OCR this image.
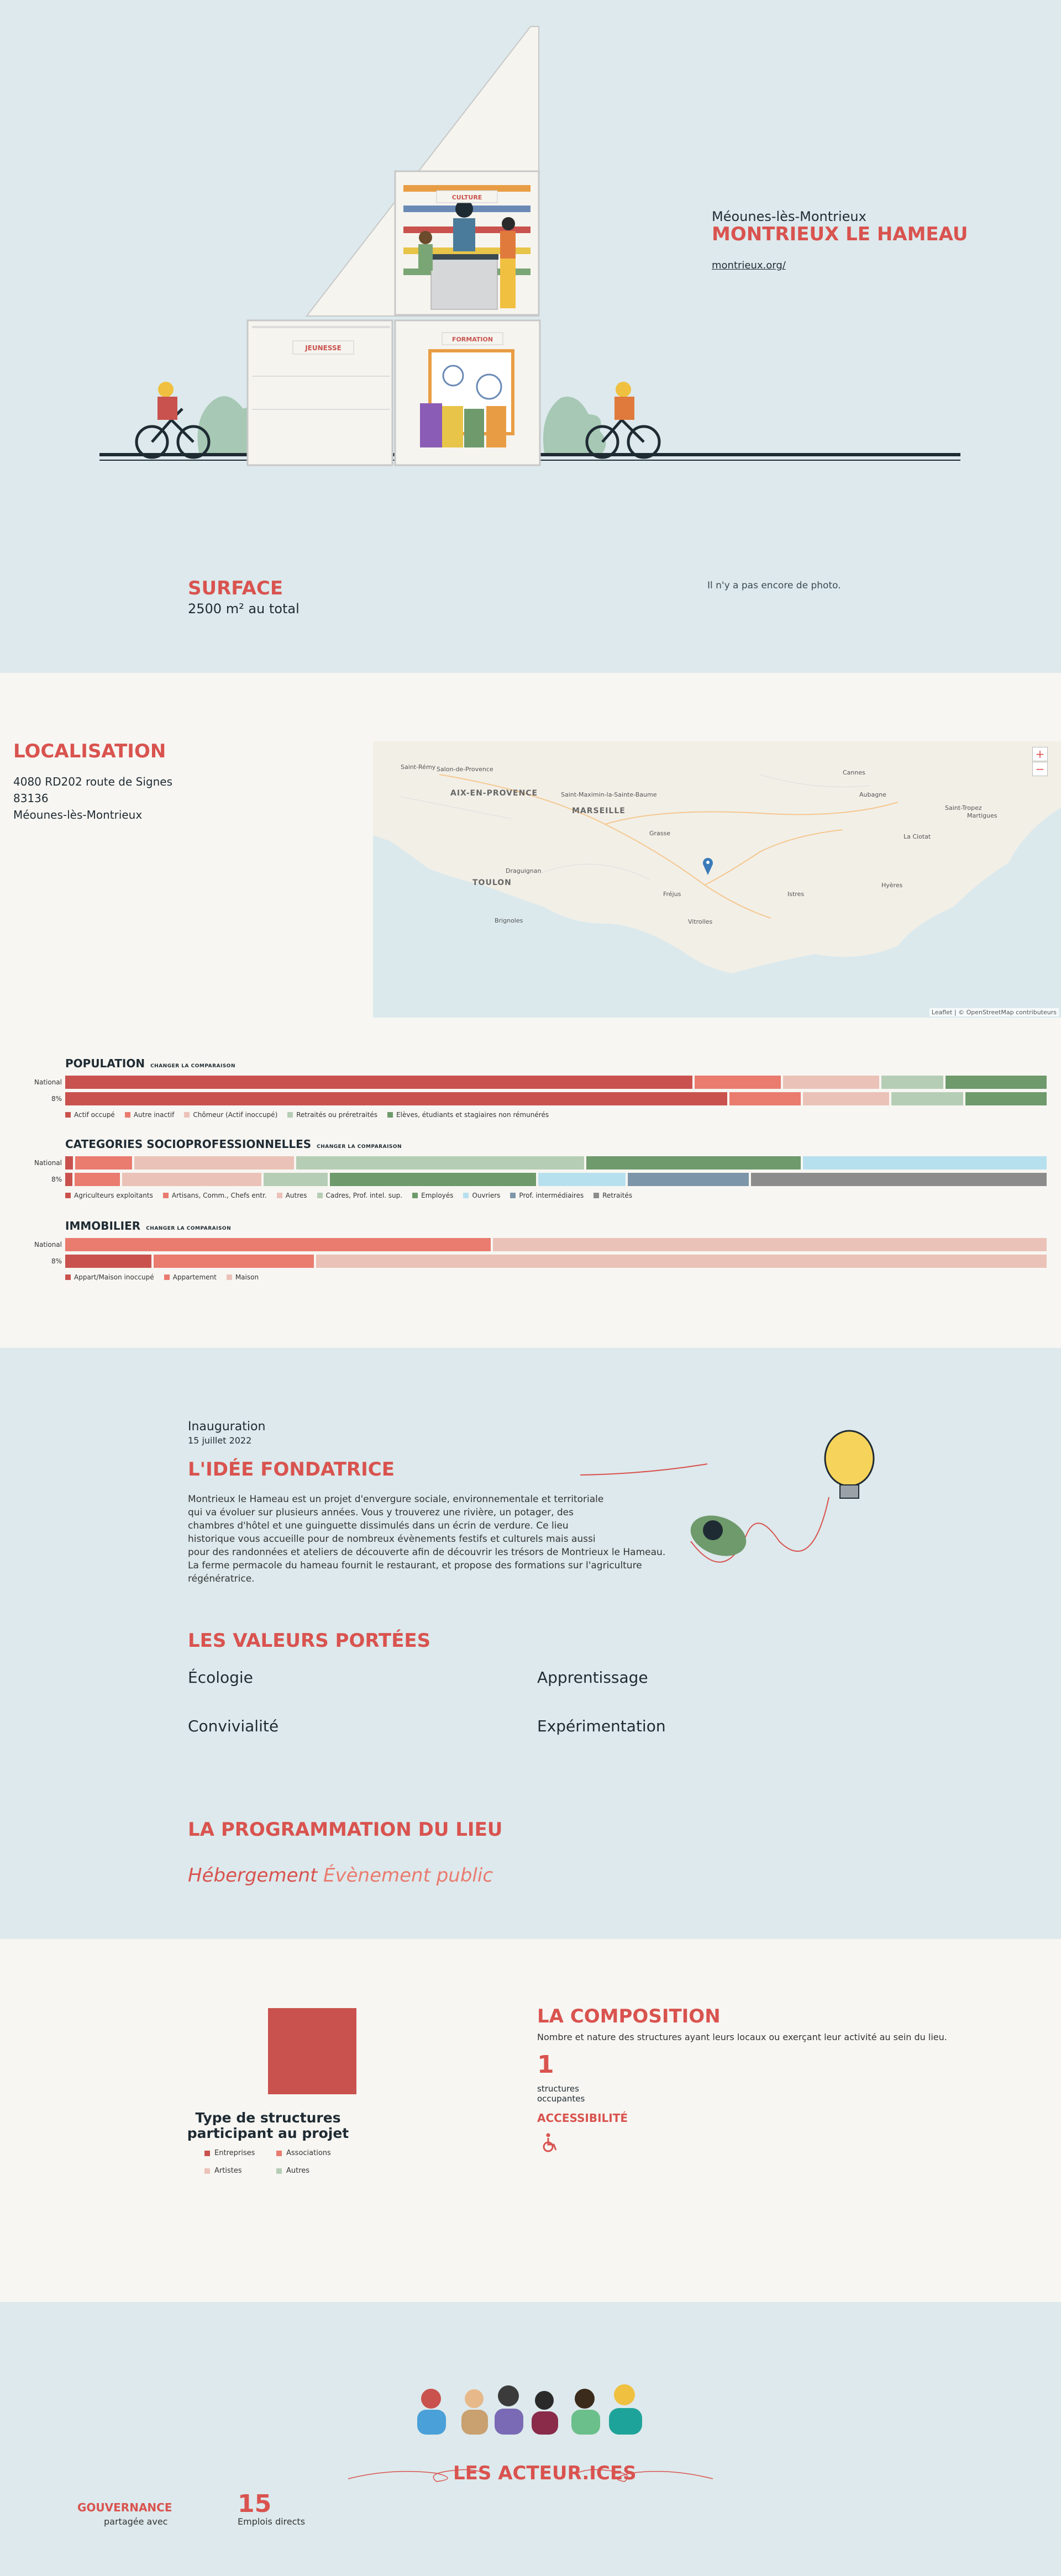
CULTURE
JEUNESSE
FORMATION
Méounes-lès-Montrieux
MONTRIEUX LE HAMEAU
montrieux.org/
SURFACE
2500 m² au total
Il n'y a pas encore de photo.
LOCALISATION
4080 RD202 route de Signes
83136
Méounes-lès-Montrieux
+
−
Leaflet | © OpenStreetMap contributeurs
Saint-Rémy Salon-de-Provence
AIX-EN-PROVENCE
MARSEILLE
TOULON
Draguignan
Brignoles
Saint-Maximin-la-Sainte-Baume
Fréjus
Grasse
Cannes
Aubagne
La Ciotat
Hyères
Saint-Tropez
Martigues
Vitrolles
Istres
POPULATION CHANGER LA COMPARAISON
National
8%
Actif occupé	Autre inactif	Chômeur (Actif inoccupé)	Retraités ou préretraités	Elèves, étudiants et stagiaires non rémunérés
CATEGORIES SOCIOPROFESSIONNELLES CHANGER LA COMPARAISON
National
8%
Agriculteurs exploitants	Artisans, Comm., Chefs entr.	Autres	Cadres, Prof. intel. sup.	Employés	Ouvriers	Prof. intermédiaires	Retraités
IMMOBILIER CHANGER LA COMPARAISON
National
8%
Appart/Maison inoccupé	Appartement	Maison
Inauguration
15 juillet 2022
L'IDÉE FONDATRICE
Montrieux le Hameau est un projet d'envergure sociale, environnementale et territoriale
qui va évoluer sur plusieurs années. Vous y trouverez une rivière, un potager, des
chambres d'hôtel et une guinguette dissimulés dans un écrin de verdure. Ce lieu
historique vous accueille pour de nombreux évènements festifs et culturels mais aussi
pour des randonnées et ateliers de découverte afin de découvrir les trésors de Montrieux le Hameau.
La ferme permacole du hameau fournit le restaurant, et propose des formations sur l'agriculture régénératrice.
LES VALEURS PORTÉES
Écologie	Apprentissage
Convivialité	Expérimentation
LA PROGRAMMATION DU LIEU
Hébergement Évènement public
Type de structures participant au projet
Entreprises	Associations
Artistes	Autres
LA COMPOSITION
Nombre et nature des structures ayant leurs locaux ou exerçant leur activité au sein du lieu.
1
structures
occupantes
ACCESSIBILITÉ
LES ACTEUR.ICES
GOUVERNANCE
partagée avec
15
Emplois directs
